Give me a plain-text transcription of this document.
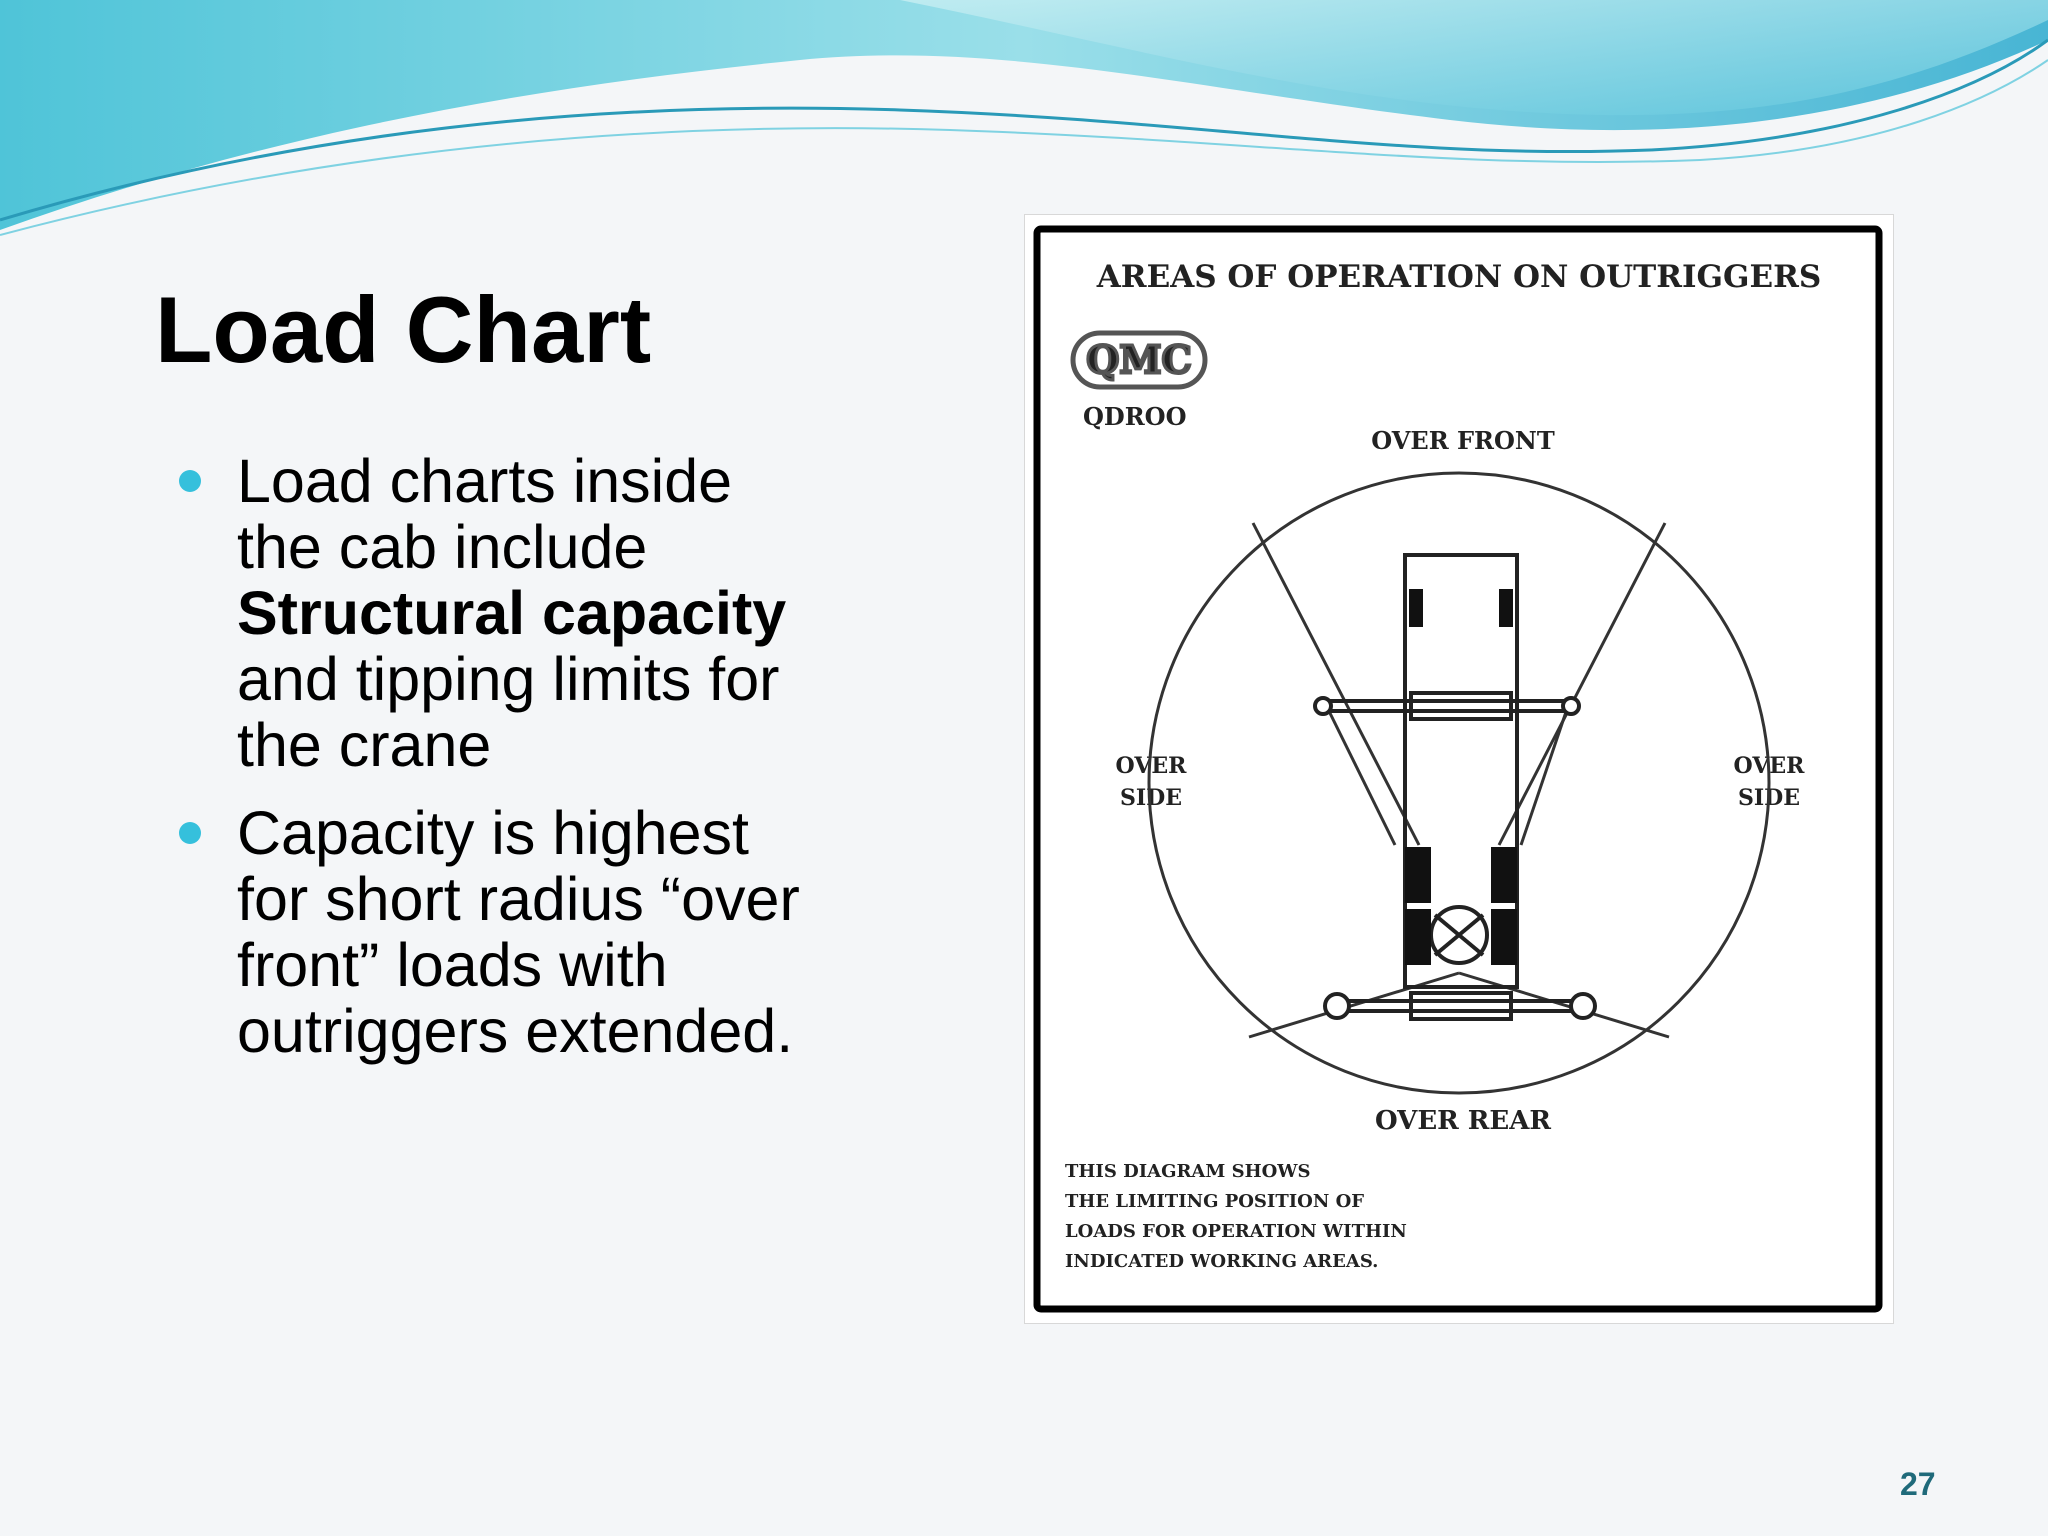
Load Chart
Load charts inside the cab include Structural capacity and tipping limits for the crane
Capacity is highest for short radius “over front” loads with outriggers extended.
AREAS OF OPERATION ON OUTRIGGERS
QMC
QDROO
OVER FRONT
OVER REAR
OVER
SIDE
OVER
SIDE
THIS DIAGRAM SHOWS
THE LIMITING POSITION OF
LOADS FOR OPERATION WITHIN
INDICATED WORKING AREAS.
27
